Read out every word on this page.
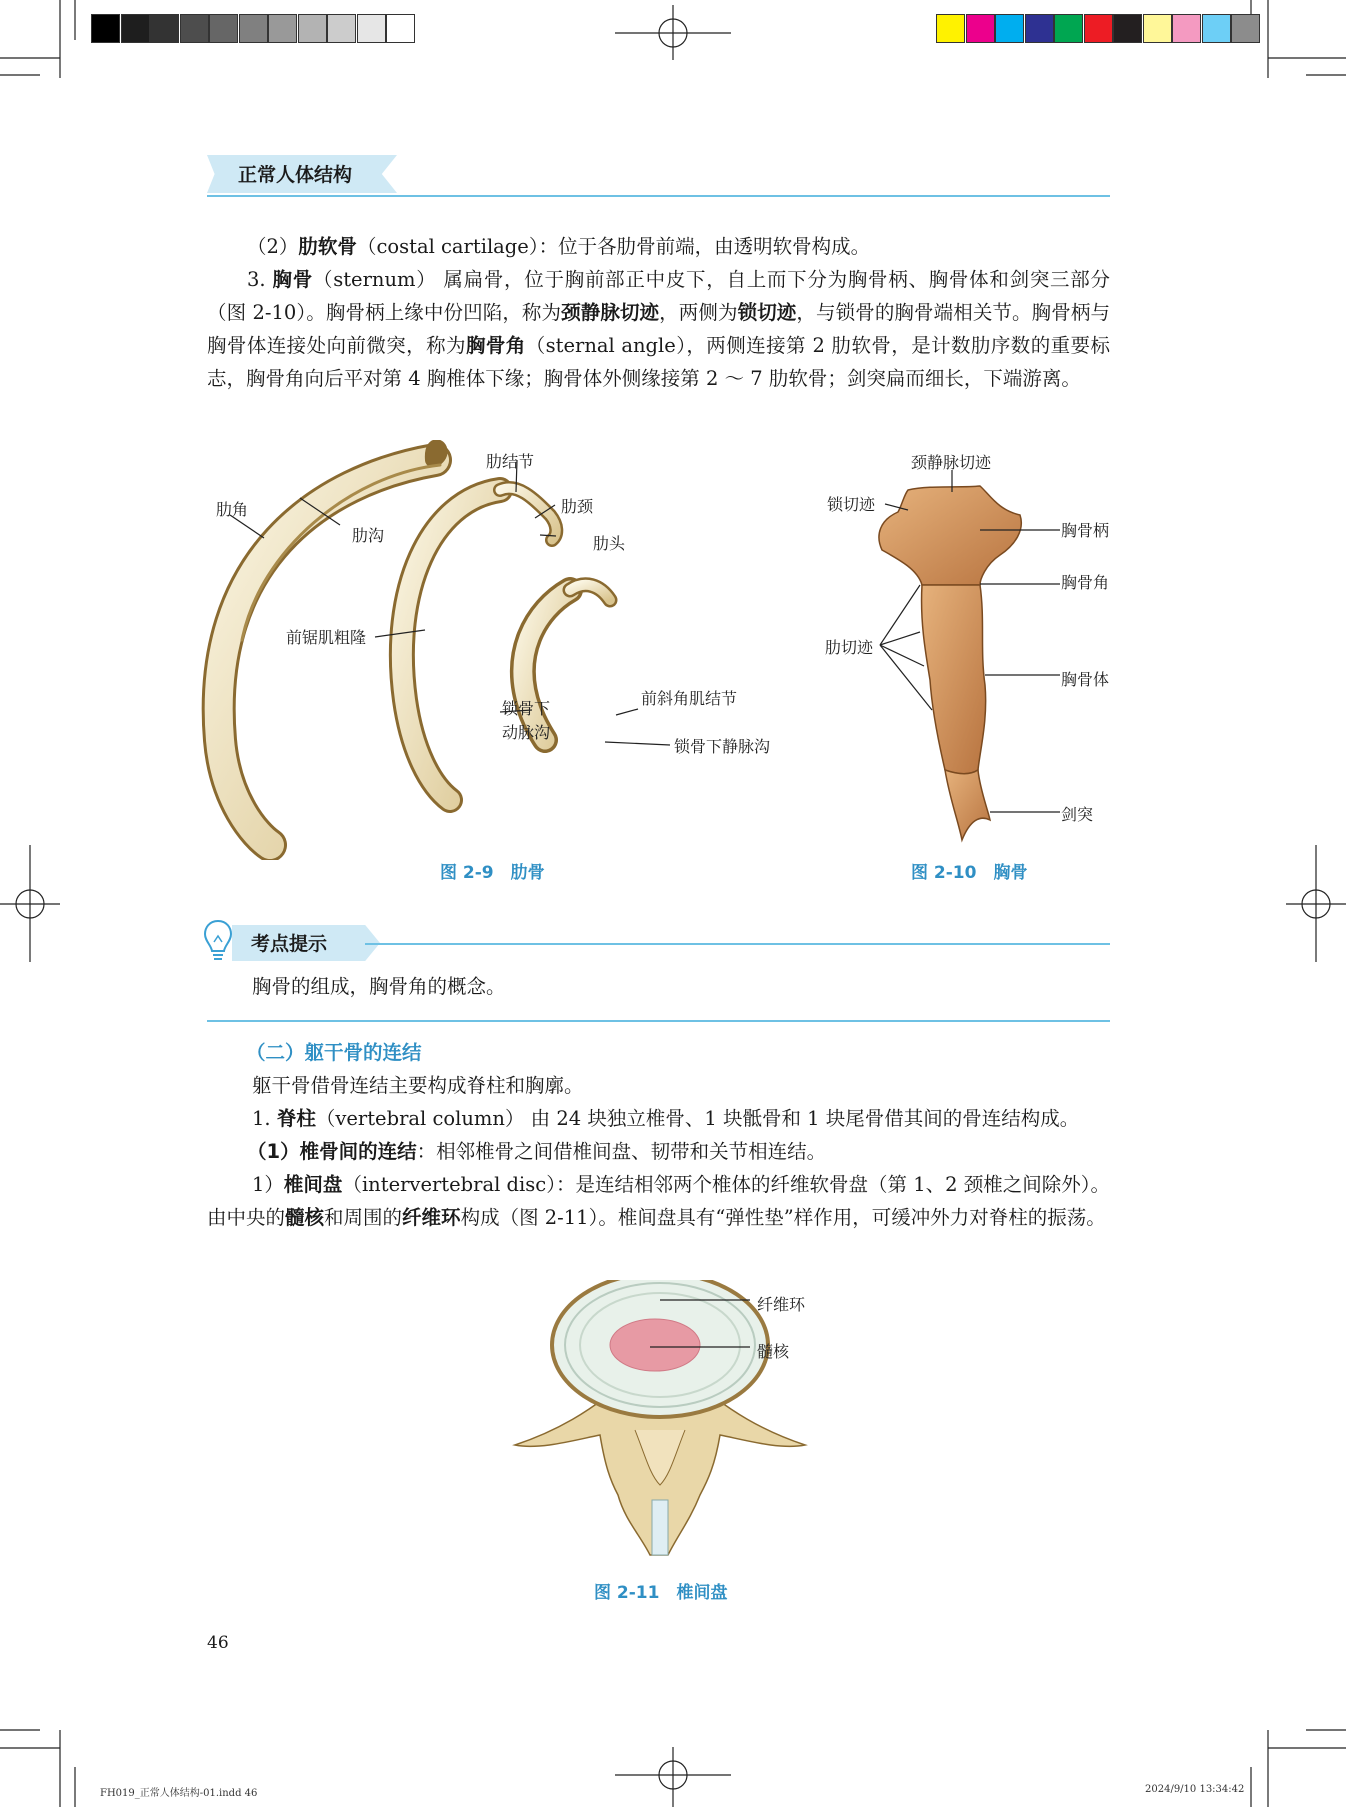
正常人体结构

（2）肋软骨（costal cartilage）：位于各肋骨前端，由透明软骨构成。

3. 胸骨（sternum） 属扁骨，位于胸前部正中皮下，自上而下分为胸骨柄、胸骨体和剑突三部分（图 2-10）。胸骨柄上缘中份凹陷，称为颈静脉切迹，两侧为锁切迹，与锁骨的胸骨端相关节。胸骨柄与胸骨体连接处向前微突，称为胸骨角（sternal angle），两侧连接第 2 肋软骨，是计数肋序数的重要标志，胸骨角向后平对第 4 胸椎体下缘；胸骨体外侧缘接第 2 ～ 7 肋软骨；剑突扁而细长，下端游离。

肋角
肋沟
肋结节
肋颈
肋头
前锯肌粗隆
锁骨下
动脉沟
前斜角肌结节
锁骨下静脉沟
图 2-9　肋骨
颈静脉切迹
锁切迹
胸骨柄
胸骨角
肋切迹
胸骨体
剑突
图 2-10　胸骨
考点提示
胸骨的组成，胸骨角的概念。
（二）躯干骨的连结

躯干骨借骨连结主要构成脊柱和胸廓。

1. 脊柱（vertebral column） 由 24 块独立椎骨、1 块骶骨和 1 块尾骨借其间的骨连结构成。

（1）椎骨间的连结：相邻椎骨之间借椎间盘、韧带和关节相连结。

1）椎间盘（intervertebral disc）：是连结相邻两个椎体的纤维软骨盘（第 1、2 颈椎之间除外）。由中央的髓核和周围的纤维环构成（图 2-11）。椎间盘具有“弹性垫”样作用，可缓冲外力对脊柱的振荡。

纤维环
髓核
图 2-11　椎间盘
46
FH019_正常人体结构-01.indd 46	2024/9/10 13:34:42
